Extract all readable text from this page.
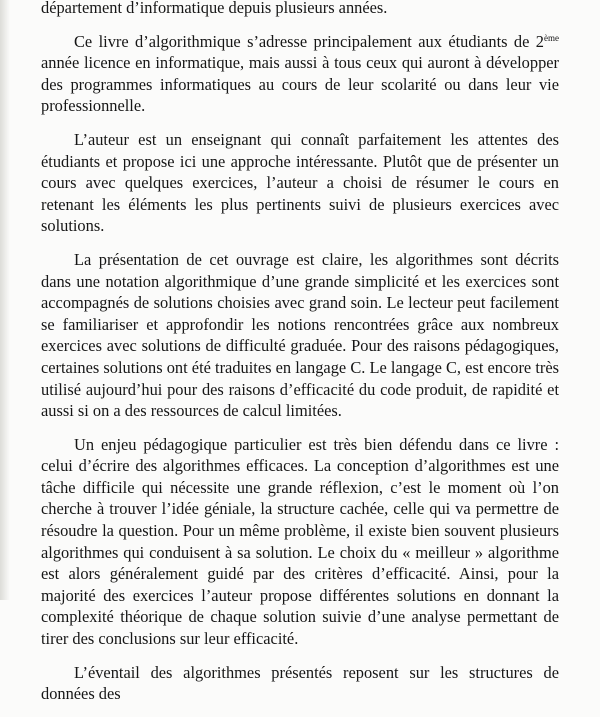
département d’informatique depuis plusieurs années.

Ce livre d’algorithmique s’adresse principalement aux étudiants de 2ème année licence en informatique, mais aussi à tous ceux qui auront à développer des programmes informatiques au cours de leur scolarité ou dans leur vie professionnelle.

L’auteur est un enseignant qui connaît parfaitement les attentes des étudiants et propose ici une approche intéressante. Plutôt que de présenter un cours avec quelques exercices, l’auteur a choisi de résumer le cours en retenant les éléments les plus pertinents suivi de plusieurs exercices avec solutions.

La présentation de cet ouvrage est claire, les algorithmes sont décrits dans une notation algorithmique d’une grande simplicité et les exercices sont accompagnés de solutions choisies avec grand soin. Le lecteur peut facilement se familiariser et approfondir les notions rencontrées grâce aux nombreux exercices avec solutions de difficulté graduée. Pour des raisons pédagogiques, certaines solutions ont été traduites en langage C. Le langage C, est encore très utilisé aujourd’hui pour des raisons d’efficacité du code produit, de rapidité et aussi si on a des ressources de calcul limitées.

Un enjeu pédagogique particulier est très bien défendu dans ce livre : celui d’écrire des algorithmes efficaces. La conception d’algorithmes est une tâche difficile qui nécessite une grande réflexion, c’est le moment où l’on cherche à trouver l’idée géniale, la structure cachée, celle qui va permettre de résoudre la question. Pour un même problème, il existe bien souvent plusieurs algorithmes qui conduisent à sa solution. Le choix du « meilleur » algorithme est alors généralement guidé par des critères d’efficacité. Ainsi, pour la majorité des exercices l’auteur propose différentes solutions en donnant la complexité théorique de chaque solution suivie d’une analyse permettant de tirer des conclusions sur leur efficacité.

L’éventail des algorithmes présentés reposent sur les structures de données des
